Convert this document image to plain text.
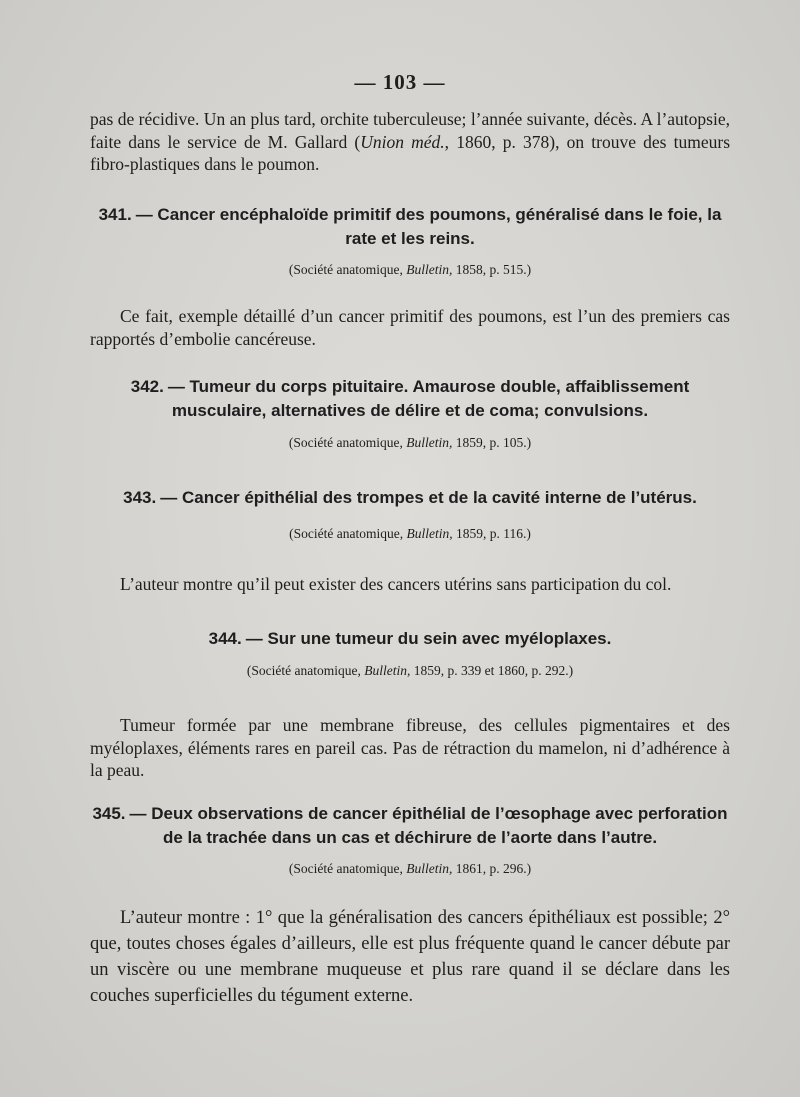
— 103 —

pas de récidive. Un an plus tard, orchite tuberculeuse; l’année suivante, décès. A l’autopsie, faite dans le service de M. Gallard (Union méd., 1860, p. 378), on trouve des tumeurs fibro-plastiques dans le poumon.

341. — Cancer encéphaloïde primitif des poumons, généralisé dans le foie, la rate et les reins.

(Société anatomique, Bulletin, 1858, p. 515.)

Ce fait, exemple détaillé d’un cancer primitif des poumons, est l’un des premiers cas rapportés d’embolie cancéreuse.

342. — Tumeur du corps pituitaire. Amaurose double, affaiblissement musculaire, alternatives de délire et de coma; convulsions.

(Société anatomique, Bulletin, 1859, p. 105.)

343. — Cancer épithélial des trompes et de la cavité interne de l’utérus.

(Société anatomique, Bulletin, 1859, p. 116.)

L’auteur montre qu’il peut exister des cancers utérins sans participation du col.

344. — Sur une tumeur du sein avec myéloplaxes.

(Société anatomique, Bulletin, 1859, p. 339 et 1860, p. 292.)

Tumeur formée par une membrane fibreuse, des cellules pigmentaires et des myéloplaxes, éléments rares en pareil cas. Pas de rétraction du mamelon, ni d’adhérence à la peau.

345. — Deux observations de cancer épithélial de l’œsophage avec perforation de la trachée dans un cas et déchirure de l’aorte dans l’autre.

(Société anatomique, Bulletin, 1861, p. 296.)

L’auteur montre : 1° que la généralisation des cancers épithéliaux est possible; 2° que, toutes choses égales d’ailleurs, elle est plus fréquente quand le cancer débute par un viscère ou une membrane muqueuse et plus rare quand il se déclare dans les couches superficielles du tégument externe.
